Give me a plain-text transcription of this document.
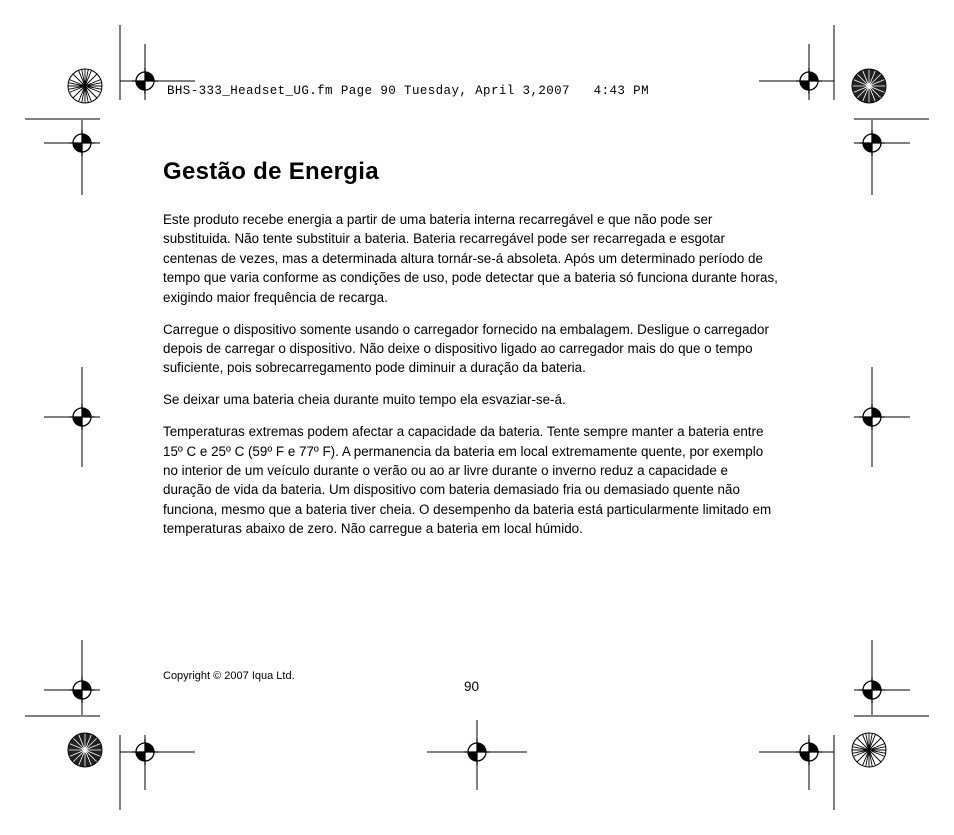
BHS-333_Headset_UG.fm Page 90 Tuesday, April 3,2007   4:43 PM
Gestão de Energia

Este produto recebe energia a partir de uma bateria interna recarregável e que não pode ser substituida. Não tente substituir a bateria. Bateria recarregável pode ser recarregada e esgotar centenas de vezes, mas a determinada altura tornár-se-á absoleta. Após um determinado período de tempo que varia conforme as condições de uso, pode detectar que a bateria só funciona durante horas, exigindo maior frequência de recarga.

Carregue o dispositivo somente usando o carregador fornecido na embalagem. Desligue o carregador depois de carregar o dispositivo. Não deixe o dispositivo ligado ao carregador mais do que o tempo suficiente, pois sobrecarregamento pode diminuir a duração da bateria.

Se deixar uma bateria cheia durante muito tempo ela esvaziar-se-á.

Temperaturas extremas podem afectar a capacidade da bateria. Tente sempre manter a bateria entre 15º C e 25º C (59º F e 77º F). A permanencia da bateria em local extremamente quente, por exemplo no interior de um veículo durante o verão ou ao ar livre durante o inverno reduz a capacidade e duração de vida da bateria. Um dispositivo com bateria demasiado fria ou demasiado quente não funciona, mesmo que a bateria tiver cheia. O desempenho da bateria está particularmente limitado em temperaturas abaixo de zero. Não carregue a bateria em local húmido.

Copyright © 2007 Iqua Ltd.
90
